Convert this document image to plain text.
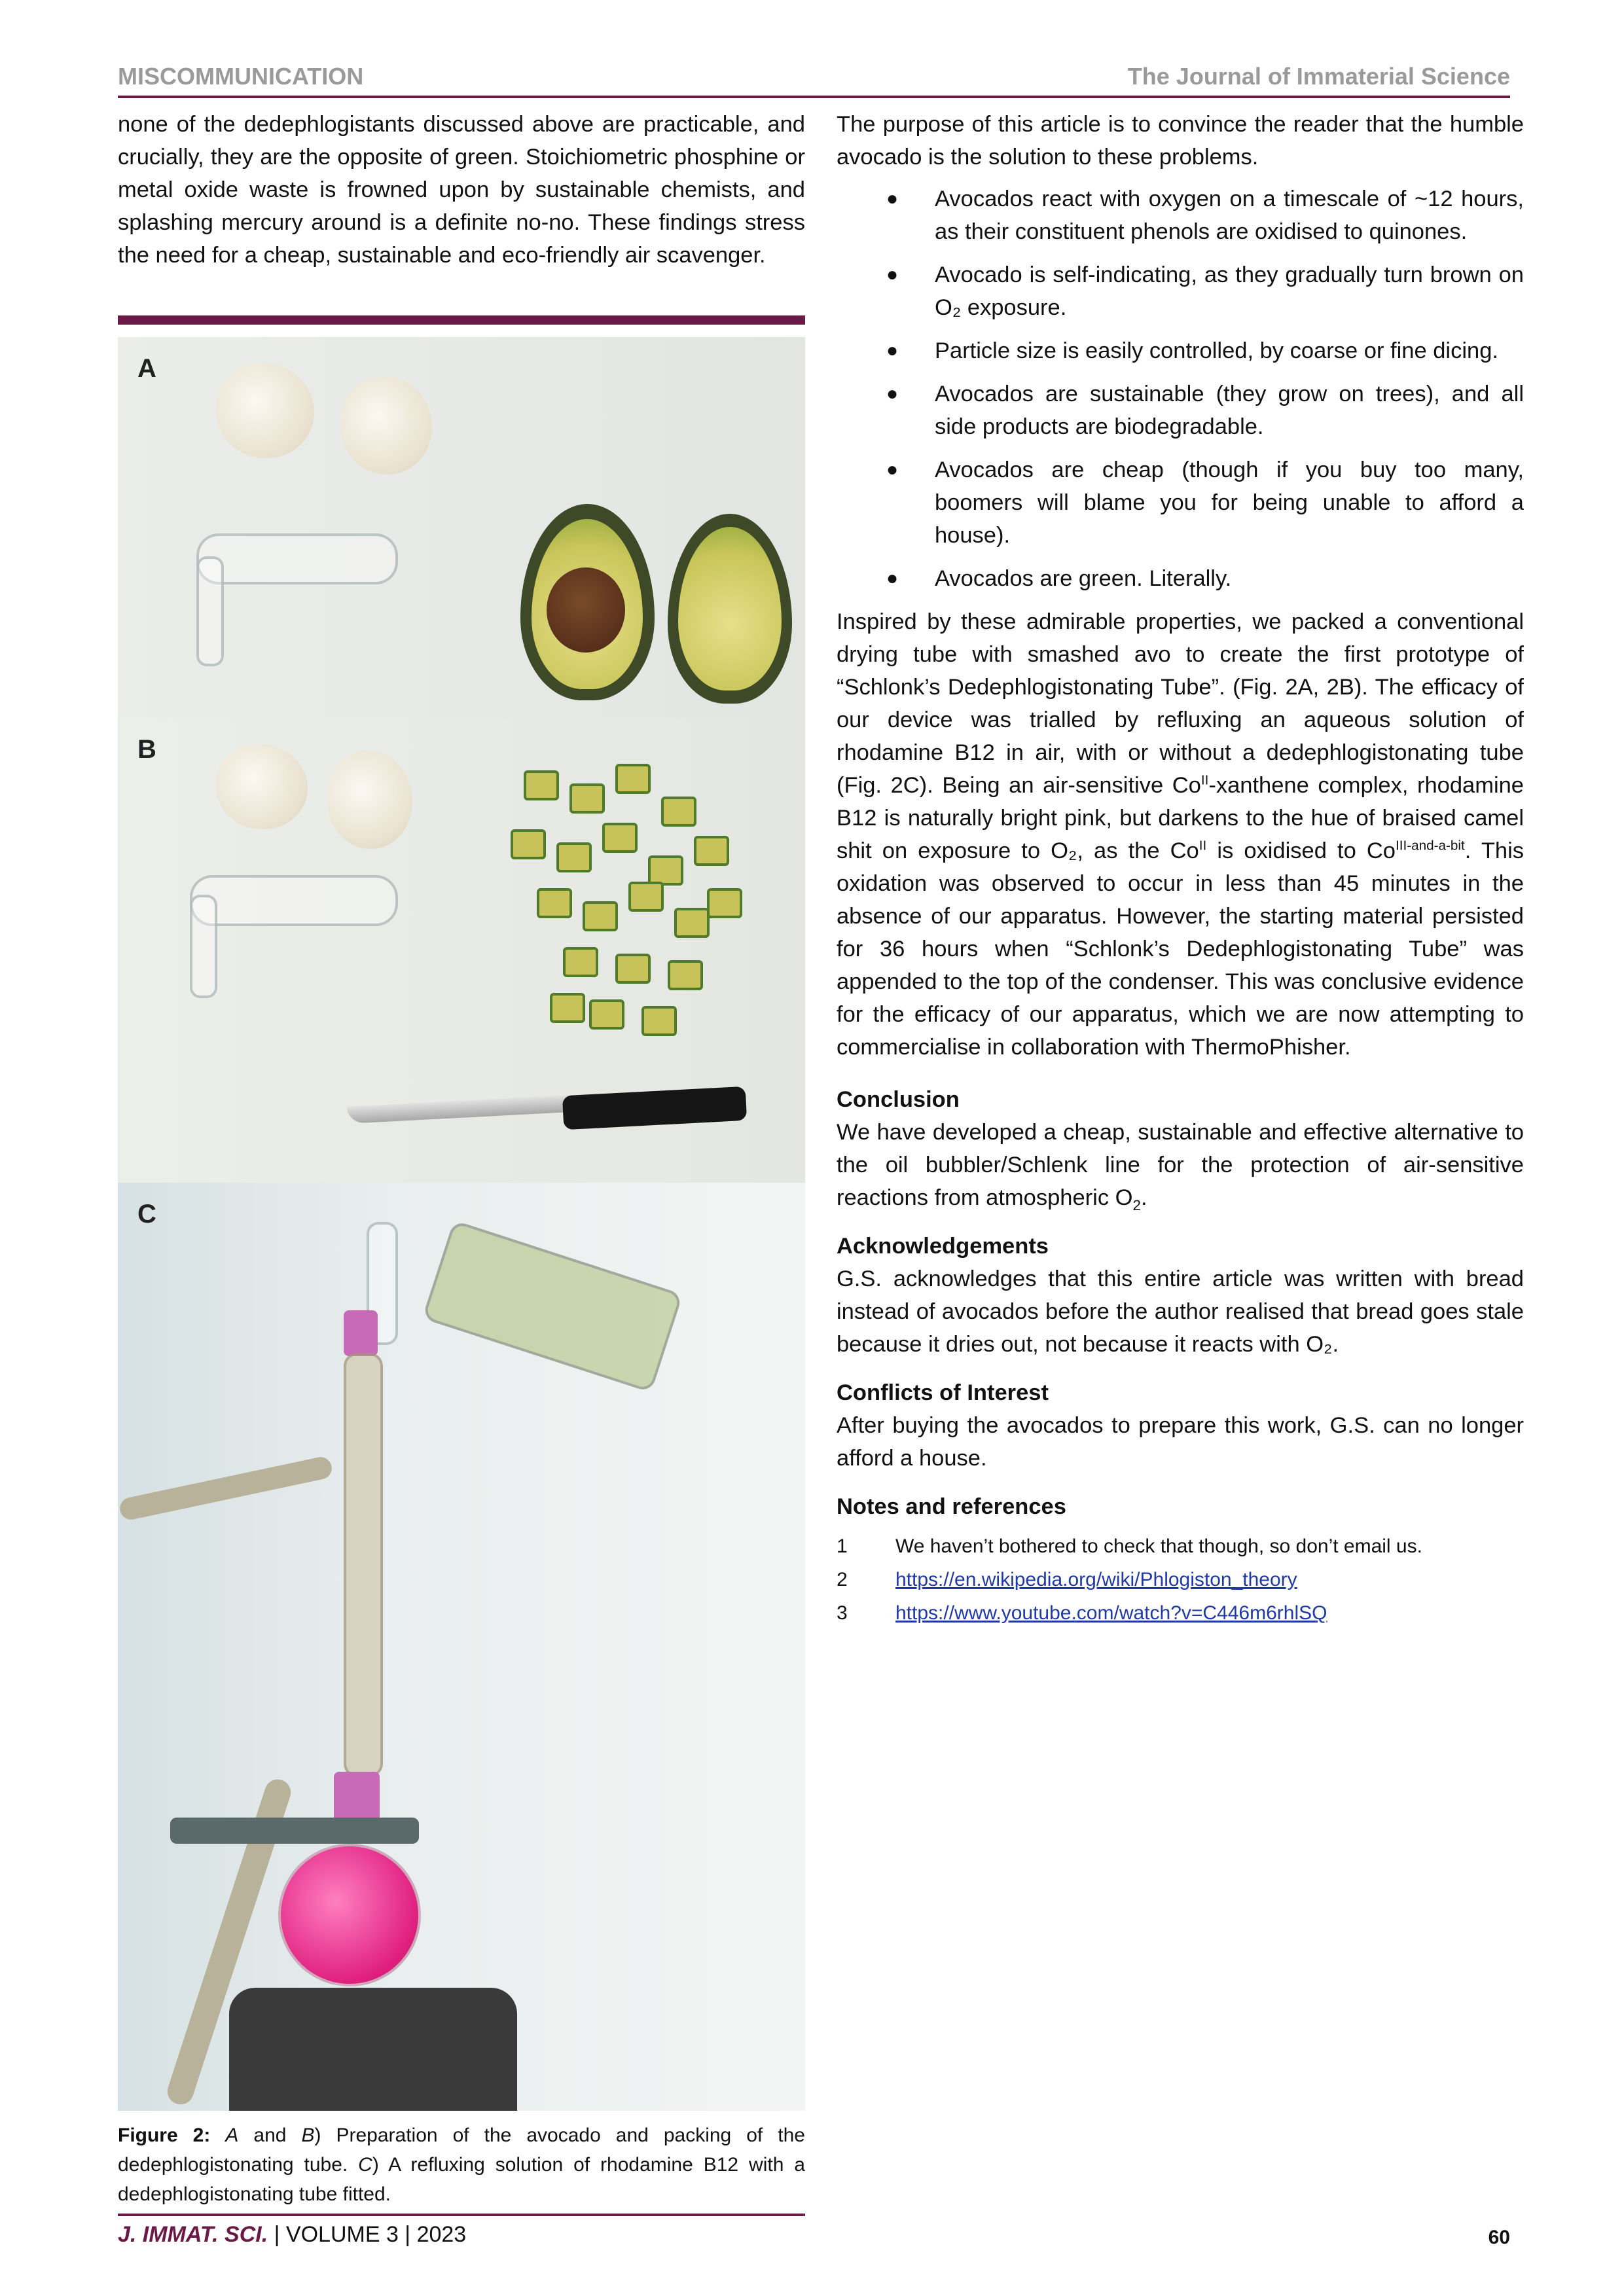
MISCOMMUNICATION	The Journal of Immaterial Science

none of the dedephlogistants discussed above are practicable, and crucially, they are the opposite of green. Stoichiometric phosphine or metal oxide waste is frowned upon by sustainable chemists, and splashing mercury around is a definite no-no. These findings stress the need for a cheap, sustainable and eco-friendly air scavenger.

A
B
C

Figure 2: A and B) Preparation of the avocado and packing of the dedephlogistonating tube. C) A refluxing solution of rhodamine B12 with a dedephlogistonating tube fitted.

The purpose of this article is to convince the reader that the humble avocado is the solution to these problems.

● Avocados react with oxygen on a timescale of ~12 hours, as their constituent phenols are oxidised to quinones.
● Avocado is self-indicating, as they gradually turn brown on O₂ exposure.
● Particle size is easily controlled, by coarse or fine dicing.
● Avocados are sustainable (they grow on trees), and all side products are biodegradable.
● Avocados are cheap (though if you buy too many, boomers will blame you for being unable to afford a house).
● Avocados are green. Literally.

Inspired by these admirable properties, we packed a conventional drying tube with smashed avo to create the first prototype of “Schlonk’s Dedephlogistonating Tube”. (Fig. 2A, 2B). The efficacy of our device was trialled by refluxing an aqueous solution of rhodamine B12 in air, with or without a dedephlogistonating tube (Fig. 2C). Being an air-sensitive $Co^{II}$-xanthene complex, rhodamine B12 is naturally bright pink, but darkens to the hue of braised camel shit on exposure to O₂, as the $Co^{II}$ is oxidised to $Co^{III-and-a-bit}$. This oxidation was observed to occur in less than 45 minutes in the absence of our apparatus. However, the starting material persisted for 36 hours when “Schlonk’s Dedephlogistonating Tube” was appended to the top of the condenser. This was conclusive evidence for the efficacy of our apparatus, which we are now attempting to commercialise in collaboration with ThermoPhisher.

Conclusion

We have developed a cheap, sustainable and effective alternative to the oil bubbler/Schlenk line for the protection of air-sensitive reactions from atmospheric $O_2$.

Acknowledgements

G.S. acknowledges that this entire article was written with bread instead of avocados before the author realised that bread goes stale because it dries out, not because it reacts with O₂.

Conflicts of Interest

After buying the avocados to prepare this work, G.S. can no longer afford a house.

Notes and references
1 We haven’t bothered to check that though, so don’t email us.
2 https://en.wikipedia.org/wiki/Phlogiston_theory
3 https://www.youtube.com/watch?v=C446m6rhlSQ
J. IMMAT. SCI. | VOLUME 3 | 2023	60
